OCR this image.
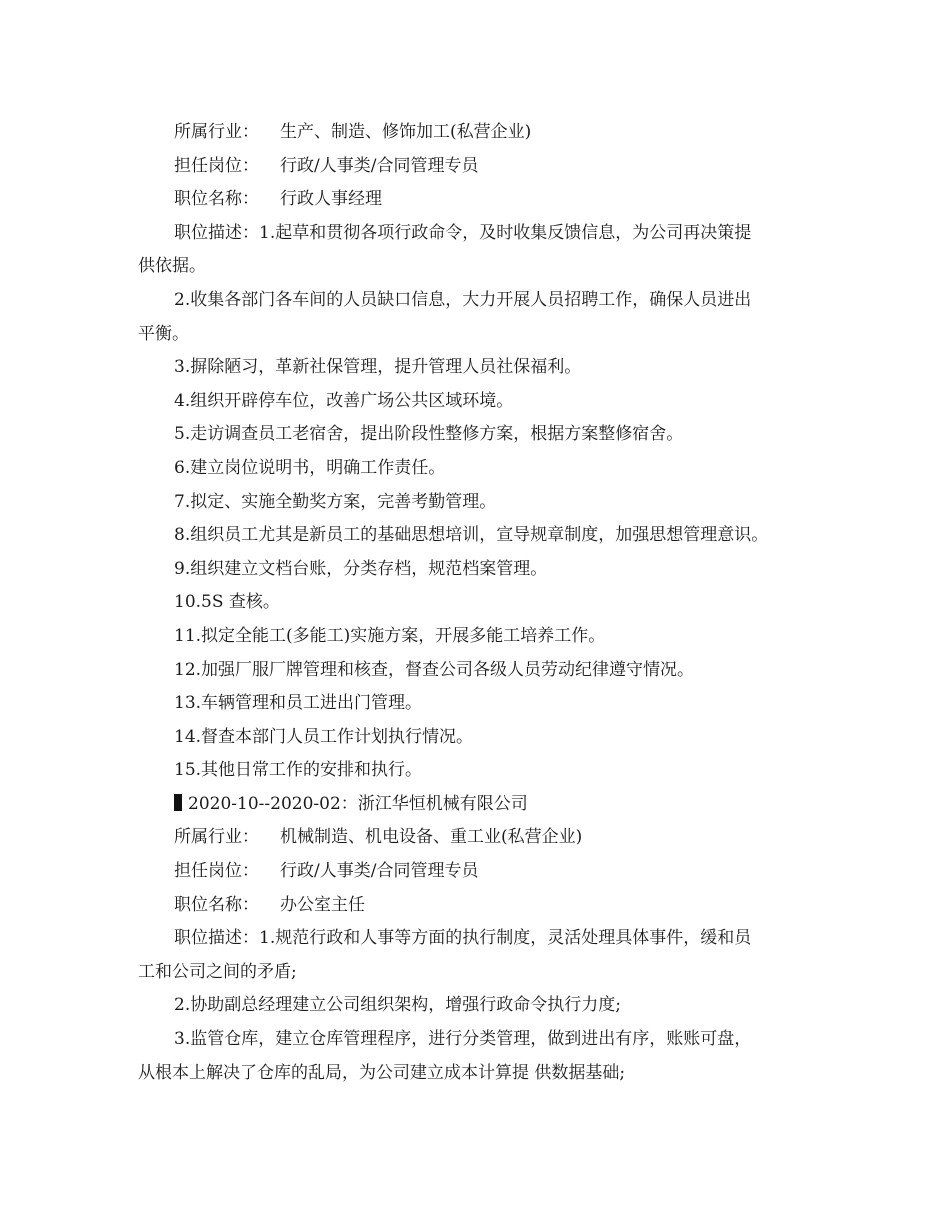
所属行业： 生产、制造、修饰加工(私营企业)
担任岗位： 行政/人事类/合同管理专员
职位名称： 行政人事经理
职位描述：1.起草和贯彻各项行政命令，及时收集反馈信息，为公司再决策提
供依据。
2.收集各部门各车间的人员缺口信息，大力开展人员招聘工作，确保人员进出
平衡。
3.摒除陋习，革新社保管理，提升管理人员社保福利。
4.组织开辟停车位，改善广场公共区域环境。
5.走访调查员工老宿舍，提出阶段性整修方案，根据方案整修宿舍。
6.建立岗位说明书，明确工作责任。
7.拟定、实施全勤奖方案，完善考勤管理。
8.组织员工尤其是新员工的基础思想培训，宣导规章制度，加强思想管理意识。
9.组织建立文档台账，分类存档，规范档案管理。
10.5S 查核。
11.拟定全能工(多能工)实施方案，开展多能工培养工作。
12.加强厂服厂牌管理和核查，督查公司各级人员劳动纪律遵守情况。
13.车辆管理和员工进出门管理。
14.督查本部门人员工作计划执行情况。
15.其他日常工作的安排和执行。
2020-10--2020-02：浙江华恒机械有限公司
所属行业： 机械制造、机电设备、重工业(私营企业)
担任岗位： 行政/人事类/合同管理专员
职位名称： 办公室主任
职位描述：1.规范行政和人事等方面的执行制度，灵活处理具体事件，缓和员
工和公司之间的矛盾;
2.协助副总经理建立公司组织架构，增强行政命令执行力度;
3.监管仓库，建立仓库管理程序，进行分类管理，做到进出有序，账账可盘，
从根本上解决了仓库的乱局，为公司建立成本计算提 供数据基础;
